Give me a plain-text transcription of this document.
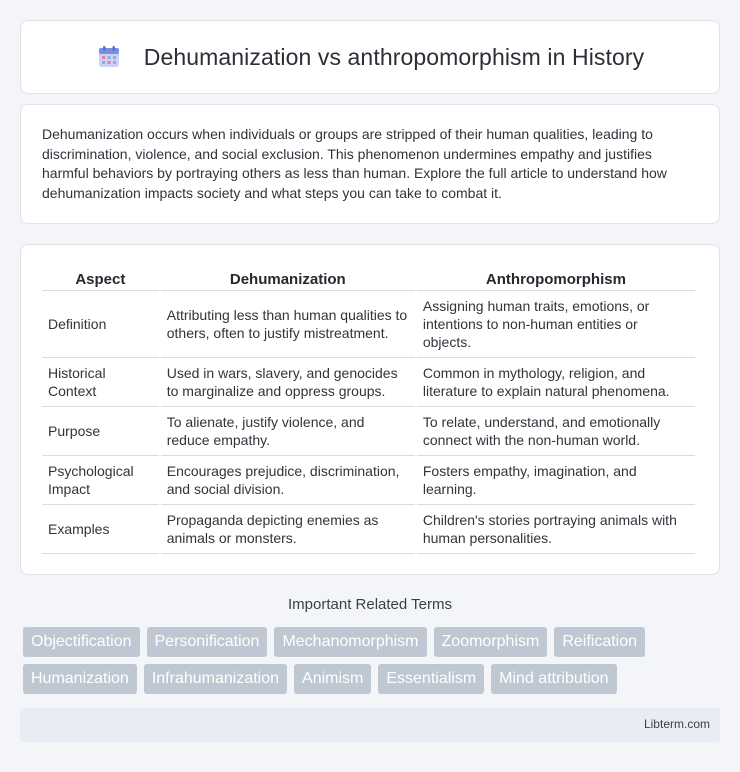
Dehumanization vs anthropomorphism in History

Dehumanization occurs when individuals or groups are stripped of their human qualities, leading to discrimination, violence, and social exclusion. This phenomenon undermines empathy and justifies harmful behaviors by portraying others as less than human. Explore the full article to understand how dehumanization impacts society and what steps you can take to combat it.

Aspect	Dehumanization	Anthropomorphism
Definition	Attributing less than human qualities to others, often to justify mistreatment.	Assigning human traits, emotions, or intentions to non-human entities or objects.
Historical Context	Used in wars, slavery, and genocides to marginalize and oppress groups.	Common in mythology, religion, and literature to explain natural phenomena.
Purpose	To alienate, justify violence, and reduce empathy.	To relate, understand, and emotionally connect with the non-human world.
Psychological Impact	Encourages prejudice, discrimination, and social division.	Fosters empathy, imagination, and learning.
Examples	Propaganda depicting enemies as animals or monsters.	Children's stories portraying animals with human personalities.
Important Related Terms
Objectification	Personification	Mechanomorphism	Zoomorphism	Reification
Humanization	Infrahumanization	Animism	Essentialism	Mind attribution
Libterm.com
